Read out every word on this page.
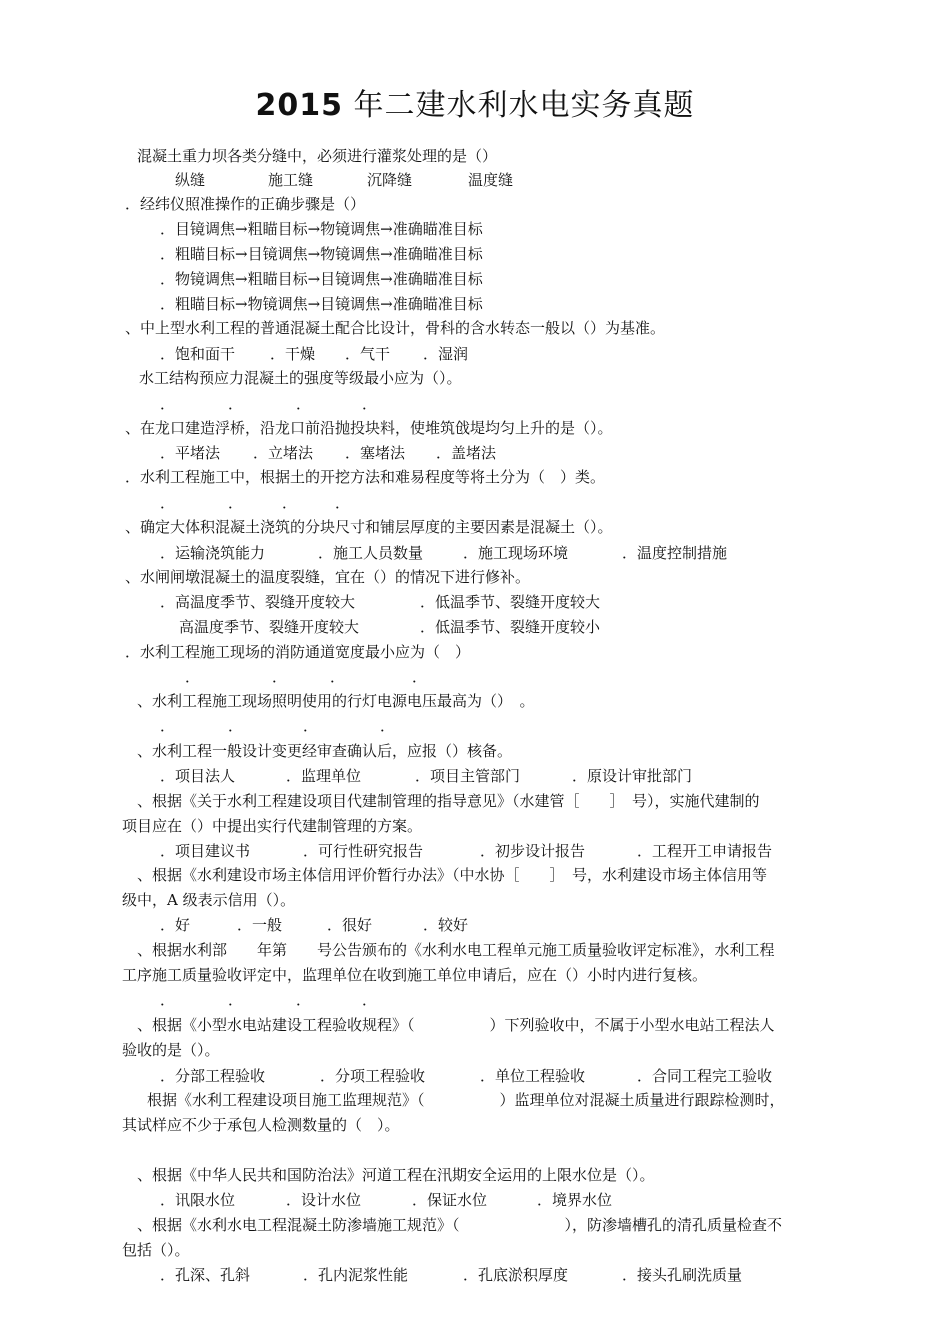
2015 年二建水利水电实务真题
混凝土重力坝各类分缝中，必须进行灌浆处理的是（）
纵缝	施工缝	沉降缝	温度缝
．经纬仪照准操作的正确步骤是（）
．目镜调焦→粗瞄目标→物镜调焦→准确瞄准目标
．粗瞄目标→目镜调焦→物镜调焦→准确瞄准目标
．物镜调焦→粗瞄目标→目镜调焦→准确瞄准目标
．粗瞄目标→物镜调焦→目镜调焦→准确瞄准目标
、中上型水利工程的普通混凝土配合比设计，骨科的含水转态一般以（）为基准。
．饱和面干 ．干燥 ．气干 ．湿润
水工结构预应力混凝土的强度等级最小应为（）。
．	．	．	．
、在龙口建造浮桥，沿龙口前沿抛投块料，使堆筑戗堤均匀上升的是（）。
．平堵法 ．立堵法 ．塞堵法 ．盖堵法
．水利工程施工中，根据土的开挖方法和难易程度等将土分为（　）类。
．	．	．	．
、确定大体积混凝土浇筑的分块尺寸和铺层厚度的主要因素是混凝土（）。
．运输浇筑能力	．施工人员数量	．施工现场环境	．温度控制措施
、水闸闸墩混凝土的温度裂缝，宜在（）的情况下进行修补。
．高温度季节、裂缝开度较大	．低温季节、裂缝开度较大
高温度季节、裂缝开度较大	．低温季节、裂缝开度较小
．水利工程施工现场的消防通道宽度最小应为（　）
．	．	．	．
、水利工程施工现场照明使用的行灯电源电压最高为（）　。
．	．	．	．
、水利工程一般设计变更经审查确认后，应报（）核备。
．项目法人	．监理单位	．项目主管部门	．原设计审批部门
、根据《关于水利工程建设项目代建制管理的指导意见》（水建管［　　］　号），实施代建制的
项目应在（）中提出实行代建制管理的方案。
．项目建议书	．可行性研究报告	．初步设计报告	．工程开工申请报告
、根据《水利建设市场主体信用评价暂行办法》（中水协［　　］　号，水利建设市场主体信用等
级中，A 级表示信用（）。
．好	．一般	．很好	．较好
、根据水利部　　年第　　号公告颁布的《水利水电工程单元施工质量验收评定标准》，水利工程
工序施工质量验收评定中，监理单位在收到施工单位申请后，应在（）小时内进行复核。
．	．	．	．
、根据《小型水电站建设工程验收规程》（　　　　　）下列验收中，不属于小型水电站工程法人
验收的是（）。
．分部工程验收	．分项工程验收	．单位工程验收	．合同工程完工验收
根据《水利工程建设项目施工监理规范》（　　　　　）监理单位对混凝土质量进行跟踪检测时，
其试样应不少于承包人检测数量的（　）。
、根据《中华人民共和国防治法》河道工程在汛期安全运用的上限水位是（）。
．讯限水位	．设计水位	．保证水位	．境界水位
、根据《水利水电工程混凝土防渗墙施工规范》（　　　　　　　），防渗墙槽孔的清孔质量检查不
包括（）。
．孔深、孔斜	．孔内泥浆性能	．孔底淤积厚度	．接头孔刷洗质量
